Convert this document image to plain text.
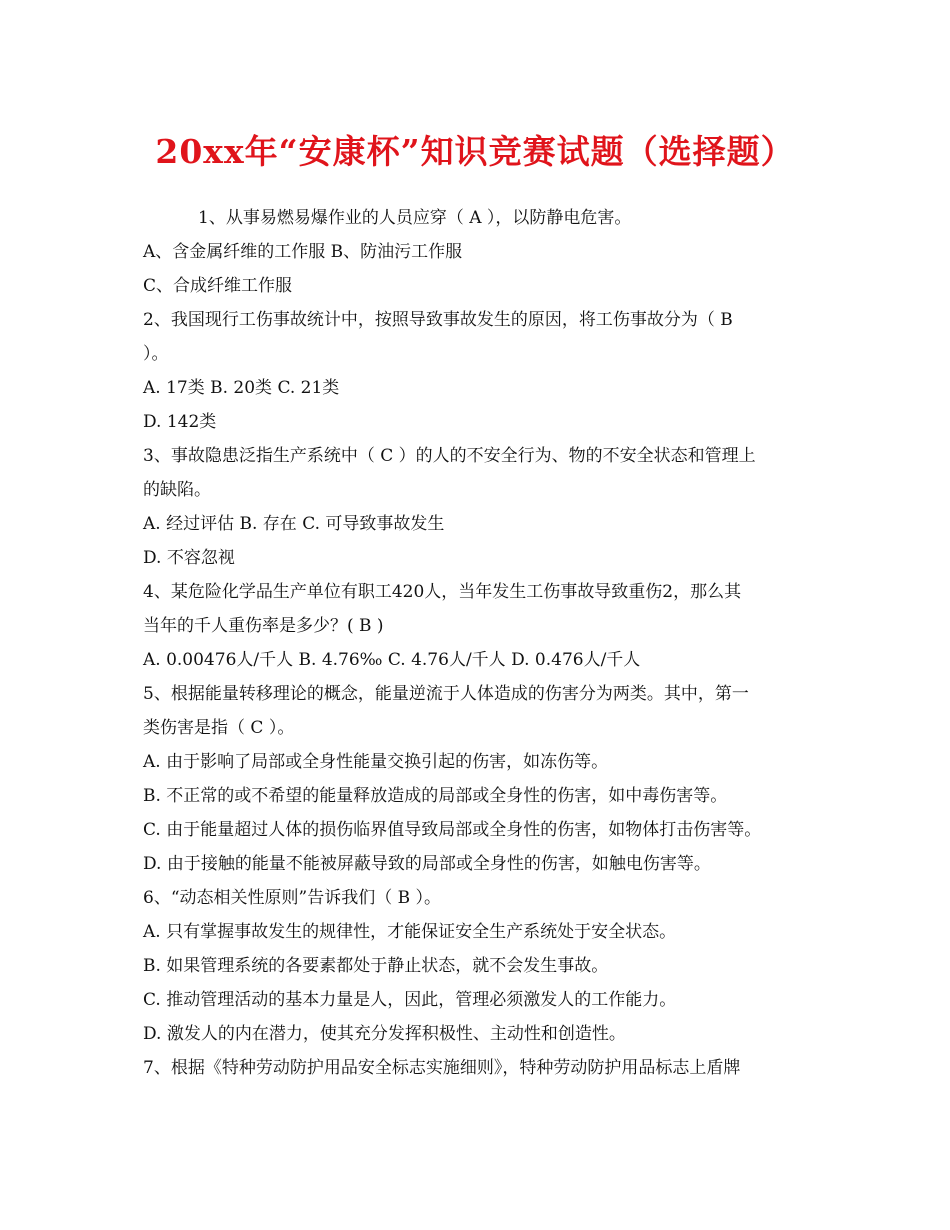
20xx年“安康杯”知识竞赛试题（选择题）
1、从事易燃易爆作业的人员应穿（ A ），以防静电危害。
A、含金属纤维的工作服 B、防油污工作服
C、合成纤维工作服
2、我国现行工伤事故统计中，按照导致事故发生的原因，将工伤事故分为（ B
）。
A. 17类 B. 20类 C. 21类
D. 142类
3、事故隐患泛指生产系统中（ C ）的人的不安全行为、物的不安全状态和管理上
的缺陷。
A. 经过评估 B. 存在 C. 可导致事故发生
D. 不容忽视
4、某危险化学品生产单位有职工420人，当年发生工伤事故导致重伤2，那么其
当年的千人重伤率是多少？( B )
A. 0.00476人/千人 B. 4.76‰ C. 4.76人/千人 D. 0.476人/千人
5、根据能量转移理论的概念，能量逆流于人体造成的伤害分为两类。其中，第一
类伤害是指（ C ）。
A. 由于影响了局部或全身性能量交换引起的伤害，如冻伤等。
B. 不正常的或不希望的能量释放造成的局部或全身性的伤害，如中毒伤害等。
C. 由于能量超过人体的损伤临界值导致局部或全身性的伤害，如物体打击伤害等。
D. 由于接触的能量不能被屏蔽导致的局部或全身性的伤害，如触电伤害等。
6、“动态相关性原则”告诉我们（ B ）。
A. 只有掌握事故发生的规律性，才能保证安全生产系统处于安全状态。
B. 如果管理系统的各要素都处于静止状态，就不会发生事故。
C. 推动管理活动的基本力量是人，因此，管理必须激发人的工作能力。
D. 激发人的内在潜力，使其充分发挥积极性、主动性和创造性。
7、根据《特种劳动防护用品安全标志实施细则》，特种劳动防护用品标志上盾牌
